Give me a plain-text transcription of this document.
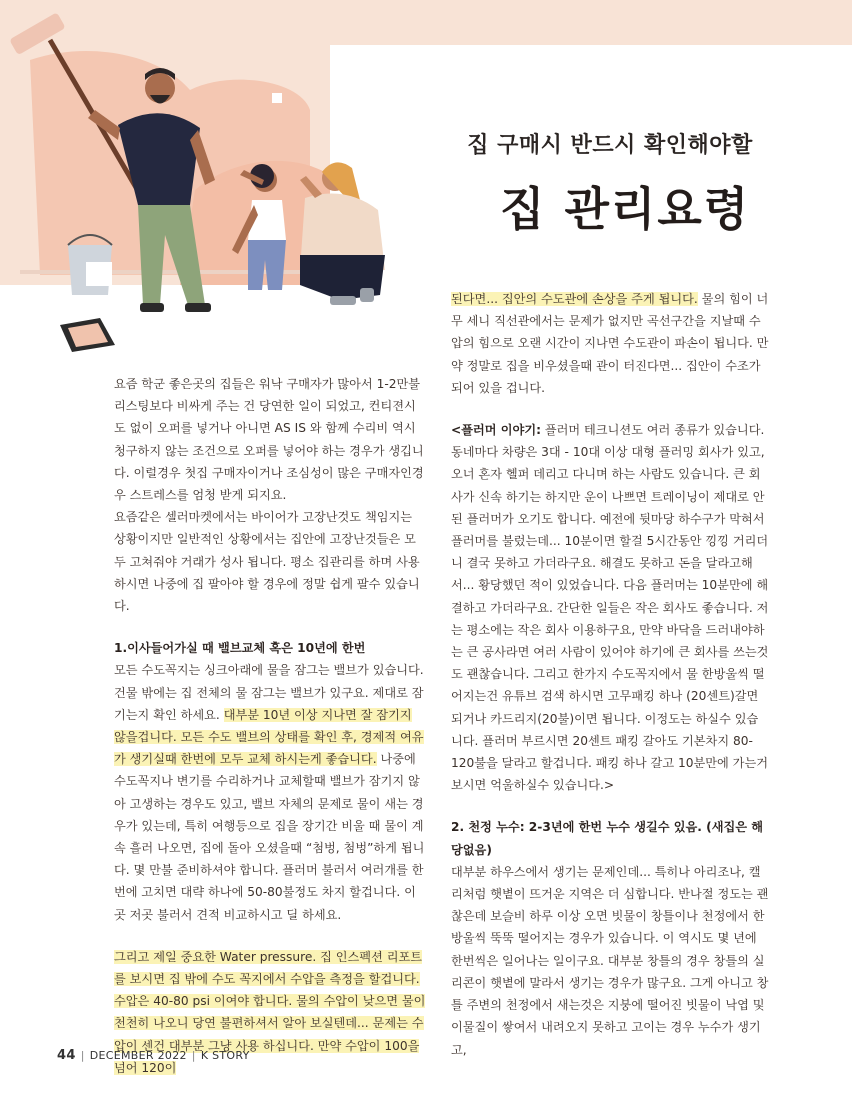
집 구매시 반드시 확인해야할
집 관리요령

요즘 학군 좋은곳의 집들은 워낙 구매자가 많아서 1-2만불 리스팅보다 비싸게 주는 건 당연한 일이 되었고, 컨티젼시도 없이 오퍼를 넣거나 아니면 AS IS 와 함께 수리비 역시 청구하지 않는 조건으로 오퍼를 넣어야 하는 경우가 생깁니다. 이럴경우 첫집 구매자이거나 조심성이 많은 구매자인경우 스트레스를 엄청 받게 되지요.

요즘같은 셀러마켓에서는 바이어가 고장난것도 책임지는 상황이지만 일반적인 상황에서는 집안에 고장난것들은 모두 고쳐줘야 거래가 성사 됩니다. 평소 집관리를 하며 사용 하시면 나중에 집 팔아야 할 경우에 정말 쉽게 팔수 있습니다.

1.이사들어가실 때 밸브교체 혹은 10년에 한번

모든 수도꼭지는 싱크아래에 물을 잠그는 밸브가 있습니다. 건물 밖에는 집 전체의 물 잠그는 밸브가 있구요. 제대로 잠기는지 확인 하세요. 대부분 10년 이상 지나면 잘 잠기지 않을겁니다. 모든 수도 밸브의 상태를 확인 후, 경제적 여유가 생기실때 한번에 모두 교체 하시는게 좋습니다. 나중에 수도꼭지나 변기를 수리하거나 교체할때 밸브가 잠기지 않아 고생하는 경우도 있고, 밸브 자체의 문제로 물이 새는 경우가 있는데, 특히 여행등으로 집을 장기간 비울 때 물이 계속 흘러 나오면, 집에 돌아 오셨을때 “첨벙, 첨벙”하게 됩니다. 몇 만불 준비하셔야 합니다. 플러머 불러서 여러개를 한번에 고치면 대략 하나에 50-80불정도 차지 할겁니다. 이곳 저곳 불러서 견적 비교하시고 딜 하세요.

그리고 제일 중요한 Water pressure. 집 인스펙션 리포트를 보시면 집 밖에 수도 꼭지에서 수압을 측정을 할겁니다. 수압은 40-80 psi 이여야 합니다. 물의 수압이 낮으면 물이 천천히 나오니 당연 불편하셔서 알아 보실텐데... 문제는 수압이 센건 대부분 그냥 사용 하십니다. 만약 수압이 100을 넘어 120이

된다면... 집안의 수도관에 손상을 주게 됩니다. 물의 힘이 너무 세니 직선관에서는 문제가 없지만 곡선구간을 지날때 수압의 힘으로 오랜 시간이 지나면 수도관이 파손이 됩니다. 만약 정말로 집을 비우셨을때 관이 터진다면... 집안이 수조가 되어 있을 겁니다.

<플러머 이야기: 플러머 테크니션도 여러 종류가 있습니다. 동네마다 차량은 3대 - 10대 이상 대형 플러밍 회사가 있고, 오너 혼자 헬퍼 데리고 다니며 하는 사람도 있습니다. 큰 회사가 신속 하기는 하지만 운이 나쁘면 트레이닝이 제대로 안된 플러머가 오기도 합니다. 예전에 뒷마당 하수구가 막혀서 플러머를 불렀는데... 10분이면 할걸 5시간동안 낑낑 거리더니 결국 못하고 가더라구요. 해결도 못하고 돈을 달라고해서... 황당했던 적이 있었습니다. 다음 플러머는 10분만에 해결하고 가더라구요. 간단한 일들은 작은 회사도 좋습니다. 저는 평소에는 작은 회사 이용하구요, 만약 바닥을 드러내야하는 큰 공사라면 여러 사람이 있어야 하기에 큰 회사를 쓰는것도 괜찮습니다. 그리고 한가지 수도꼭지에서 물 한방울씩 떨어지는건 유튜브 검색 하시면 고무패킹 하나 (20센트)갈면 되거나 카드리지(20불)이면 됩니다. 이정도는 하실수 있습니다. 플러머 부르시면 20센트 패킹 갈아도 기본차지 80-120불을 달라고 할겁니다. 패킹 하나 갈고 10분만에 가는거 보시면 억울하실수 있습니다.>

2. 천정 누수: 2-3년에 한번 누수 생길수 있음. (새집은 해당없음)

대부분 하우스에서 생기는 문제인데... 특히나 아리조나, 캘리처럼 햇볕이 뜨거운 지역은 더 심합니다. 반나절 정도는 괜찮은데 보슬비 하루 이상 오면 빗물이 창틀이나 천정에서 한방울씩 뚝뚝 떨어지는 경우가 있습니다. 이 역시도 몇 년에 한번씩은 일어나는 일이구요. 대부분 창틀의 경우 창틀의 실리콘이 햇볕에 말라서 생기는 경우가 많구요. 그게 아니고 창틀 주변의 천정에서 새는것은 지붕에 떨어진 빗물이 낙엽 및 이물질이 쌓여서 내려오지 못하고 고이는 경우 누수가 생기고,

44 | DECEMBER 2022 | K STORY
